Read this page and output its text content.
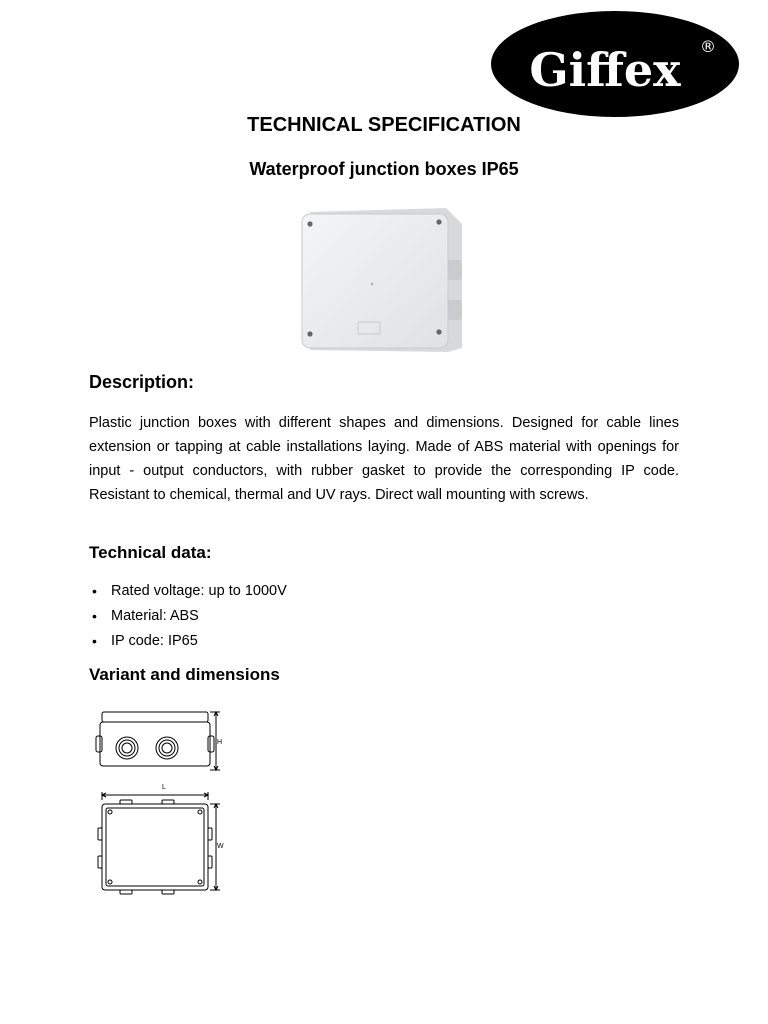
Giffex ®
TECHNICAL SPECIFICATION
Waterproof junction boxes IP65
Description:
Plastic junction boxes with different shapes and dimensions. Designed for cable lines extension or tapping at cable installations laying. Made of ABS material with openings for input - output conductors, with rubber gasket to provide the corresponding IP code. Resistant to chemical, thermal and UV rays. Direct wall mounting with screws.
Technical data:
• Rated voltage: up to 1000V
• Material: ABS
• IP code: IP65
Variant and dimensions
H
L
W
